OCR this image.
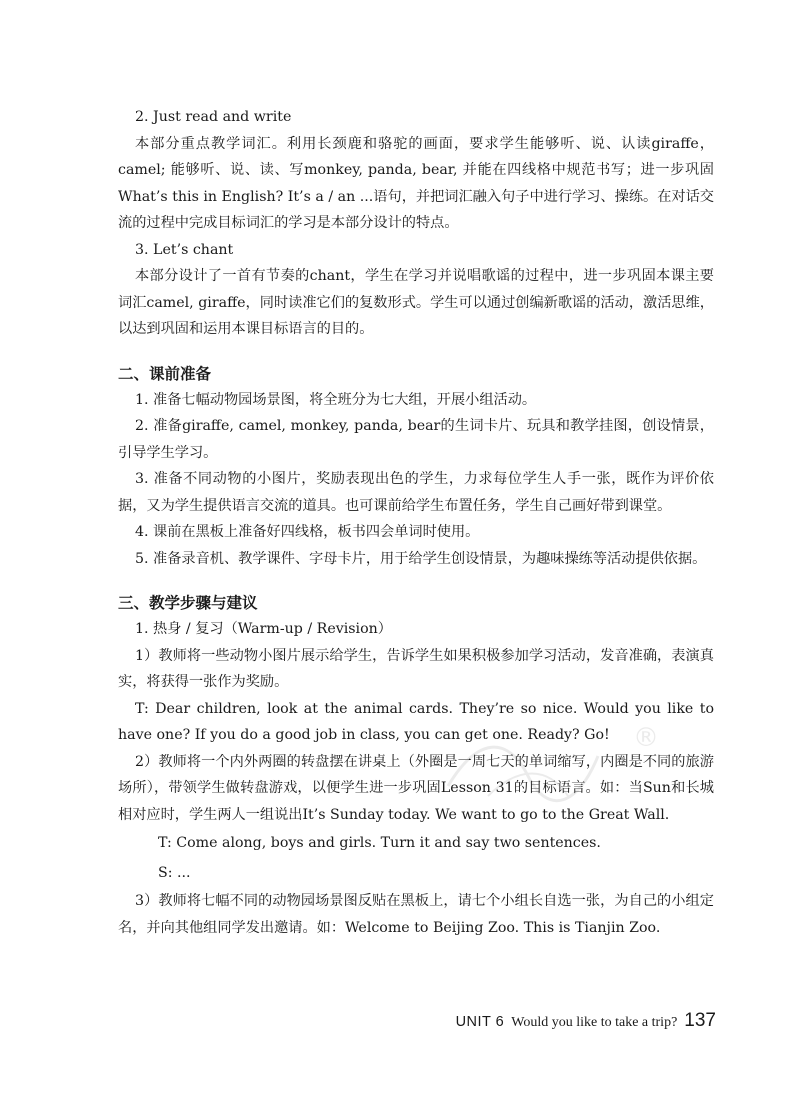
2. Just read and write

本部分重点教学词汇。利用长颈鹿和骆驼的画面，要求学生能够听、说、认读giraffe，camel; 能够听、说、读、写monkey, panda, bear, 并能在四线格中规范书写；进一步巩固What’s this in English? It’s a / an ...语句，并把词汇融入句子中进行学习、操练。在对话交流的过程中完成目标词汇的学习是本部分设计的特点。

3. Let’s chant

本部分设计了一首有节奏的chant，学生在学习并说唱歌谣的过程中，进一步巩固本课主要词汇camel, giraffe，同时读准它们的复数形式。学生可以通过创编新歌谣的活动，激活思维，以达到巩固和运用本课目标语言的目的。

二、课前准备

1. 准备七幅动物园场景图，将全班分为七大组，开展小组活动。

2. 准备giraffe, camel, monkey, panda, bear的生词卡片、玩具和教学挂图，创设情景，引导学生学习。

3. 准备不同动物的小图片，奖励表现出色的学生，力求每位学生人手一张，既作为评价依据，又为学生提供语言交流的道具。也可课前给学生布置任务，学生自己画好带到课堂。

4. 课前在黑板上准备好四线格，板书四会单词时使用。

5. 准备录音机、教学课件、字母卡片，用于给学生创设情景，为趣味操练等活动提供依据。

三、教学步骤与建议

1. 热身 / 复习（Warm-up / Revision）

1）教师将一些动物小图片展示给学生，告诉学生如果积极参加学习活动，发音准确，表演真实，将获得一张作为奖励。

T: Dear children, look at the animal cards. They’re so nice. Would you like to have one? If you do a good job in class, you can get one. Ready? Go!

2）教师将一个内外两圈的转盘摆在讲桌上（外圈是一周七天的单词缩写，内圈是不同的旅游场所），带领学生做转盘游戏，以便学生进一步巩固Lesson 31的目标语言。如：当Sun和长城相对应时，学生两人一组说出It’s Sunday today. We want to go to the Great Wall.

T: Come along, boys and girls. Turn it and say two sentences.

S: ...

3）教师将七幅不同的动物园场景图反贴在黑板上，请七个小组长自选一张，为自己的小组定名，并向其他组同学发出邀请。如：Welcome to Beijing Zoo. This is Tianjin Zoo.

®
UNIT 6 Would you like to take a trip? 137
